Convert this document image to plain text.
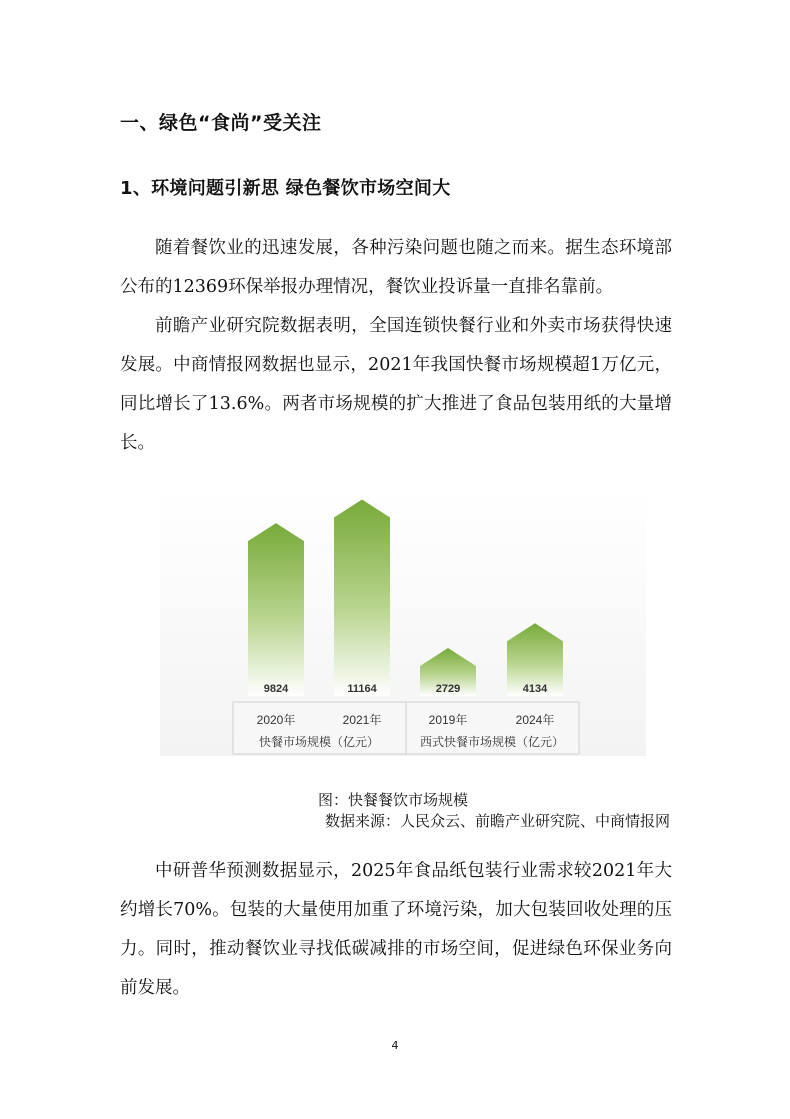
一、绿色“食尚”受关注
1、环境问题引新思 绿色餐饮市场空间大

随着餐饮业的迅速发展，各种污染问题也随之而来。据生态环境部公布的12369环保举报办理情况，餐饮业投诉量一直排名靠前。

前瞻产业研究院数据表明，全国连锁快餐行业和外卖市场获得快速发展。中商情报网数据也显示，2021年我国快餐市场规模超1万亿元，同比增长了13.6%。两者市场规模的扩大推进了食品包装用纸的大量增长。

9824	11164	2729	4134
2020年	2021年	2019年	2024年
快餐市场规模（亿元）	西式快餐市场规模（亿元）
图：快餐餐饮市场规模
数据来源：人民众云、前瞻产业研究院、中商情报网

中研普华预测数据显示，2025年食品纸包装行业需求较2021年大约增长70%。包装的大量使用加重了环境污染，加大包装回收处理的压力。同时，推动餐饮业寻找低碳减排的市场空间，促进绿色环保业务向前发展。

4
